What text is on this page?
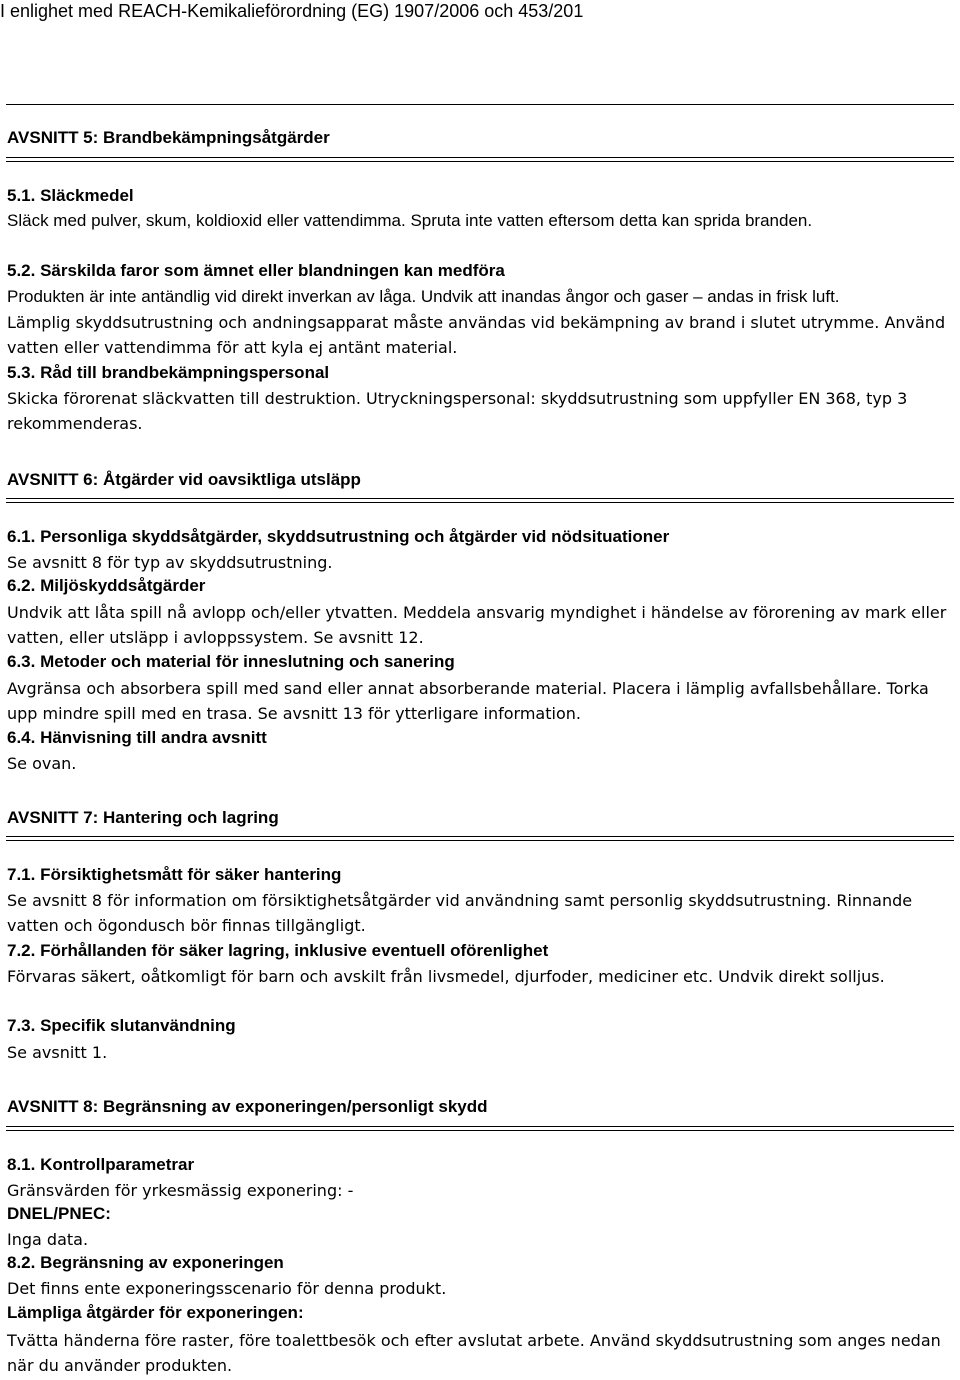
I enlighet med REACH-Kemikalieförordning (EG) 1907/2006 och 453/201
AVSNITT 5: Brandbekämpningsåtgärder
5.1. Släckmedel
Släck med pulver, skum, koldioxid eller vattendimma. Spruta inte vatten eftersom detta kan sprida branden.
5.2. Särskilda faror som ämnet eller blandningen kan medföra
Produkten är inte antändlig vid direkt inverkan av låga. Undvik att inandas ångor och gaser – andas in frisk luft.
Lämplig skyddsutrustning och andningsapparat måste användas vid bekämpning av brand i slutet utrymme. Använd vatten eller vattendimma för att kyla ej antänt material.
5.3. Råd till brandbekämpningspersonal
Skicka förorenat släckvatten till destruktion. Utryckningspersonal: skyddsutrustning som uppfyller EN 368, typ 3 rekommenderas.
AVSNITT 6: Åtgärder vid oavsiktliga utsläpp
6.1. Personliga skyddsåtgärder, skyddsutrustning och åtgärder vid nödsituationer
Se avsnitt 8 för typ av skyddsutrustning.
6.2. Miljöskyddsåtgärder
Undvik att låta spill nå avlopp och/eller ytvatten. Meddela ansvarig myndighet i händelse av förorening av mark eller vatten, eller utsläpp i avloppssystem. Se avsnitt 12.
6.3. Metoder och material för inneslutning och sanering
Avgränsa och absorbera spill med sand eller annat absorberande material. Placera i lämplig avfallsbehållare. Torka upp mindre spill med en trasa. Se avsnitt 13 för ytterligare information.
6.4. Hänvisning till andra avsnitt
Se ovan.
AVSNITT 7: Hantering och lagring
7.1. Försiktighetsmått för säker hantering
Se avsnitt 8 för information om försiktighetsåtgärder vid användning samt personlig skyddsutrustning. Rinnande vatten och ögondusch bör finnas tillgängligt.
7.2. Förhållanden för säker lagring, inklusive eventuell oförenlighet
Förvaras säkert, oåtkomligt för barn och avskilt från livsmedel, djurfoder, mediciner etc. Undvik direkt solljus.
7.3. Specifik slutanvändning
Se avsnitt 1.
AVSNITT 8: Begränsning av exponeringen/personligt skydd
8.1. Kontrollparametrar
Gränsvärden för yrkesmässig exponering: -
DNEL/PNEC:
Inga data.
8.2. Begränsning av exponeringen
Det finns ente exponeringsscenario för denna produkt.
Lämpliga åtgärder för exponeringen:
Tvätta händerna före raster, före toalettbesök och efter avslutat arbete. Använd skyddsutrustning som anges nedan när du använder produkten.
